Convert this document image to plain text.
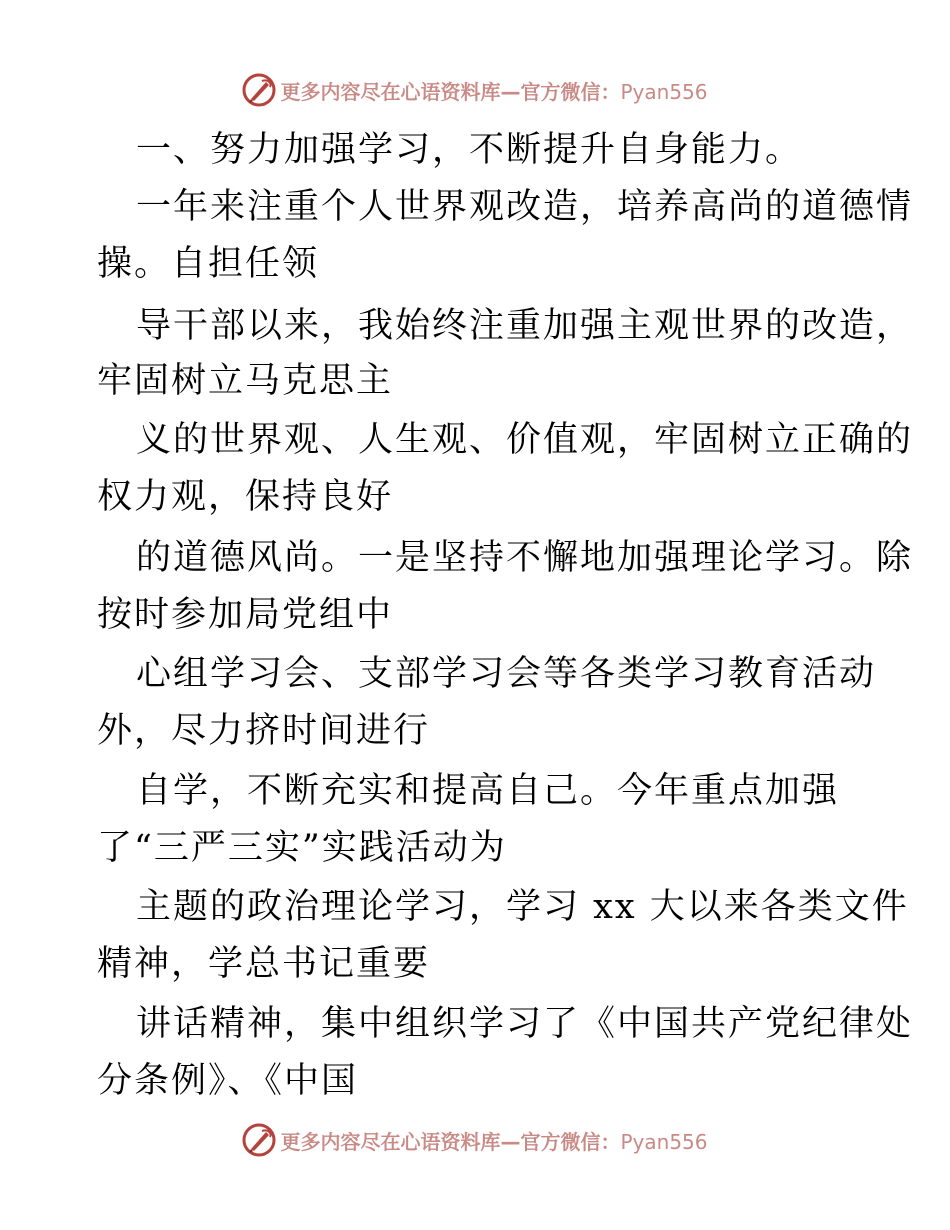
更多内容尽在心语资料库—官方微信：Pyan556
一、努力加强学习，不断提升自身能力。
一年来注重个人世界观改造，培养高尚的道德情
操。自担任领
导干部以来，我始终注重加强主观世界的改造，
牢固树立马克思主
义的世界观、人生观、价值观，牢固树立正确的
权力观，保持良好
的道德风尚。一是坚持不懈地加强理论学习。除
按时参加局党组中
心组学习会、支部学习会等各类学习教育活动
外，尽力挤时间进行
自学，不断充实和提高自己。今年重点加强
了“三严三实”实践活动为
主题的政治理论学习，学习 xx 大以来各类文件
精神，学总书记重要
讲话精神，集中组织学习了《中国共产党纪律处
分条例》、《中国
更多内容尽在心语资料库—官方微信：Pyan556
